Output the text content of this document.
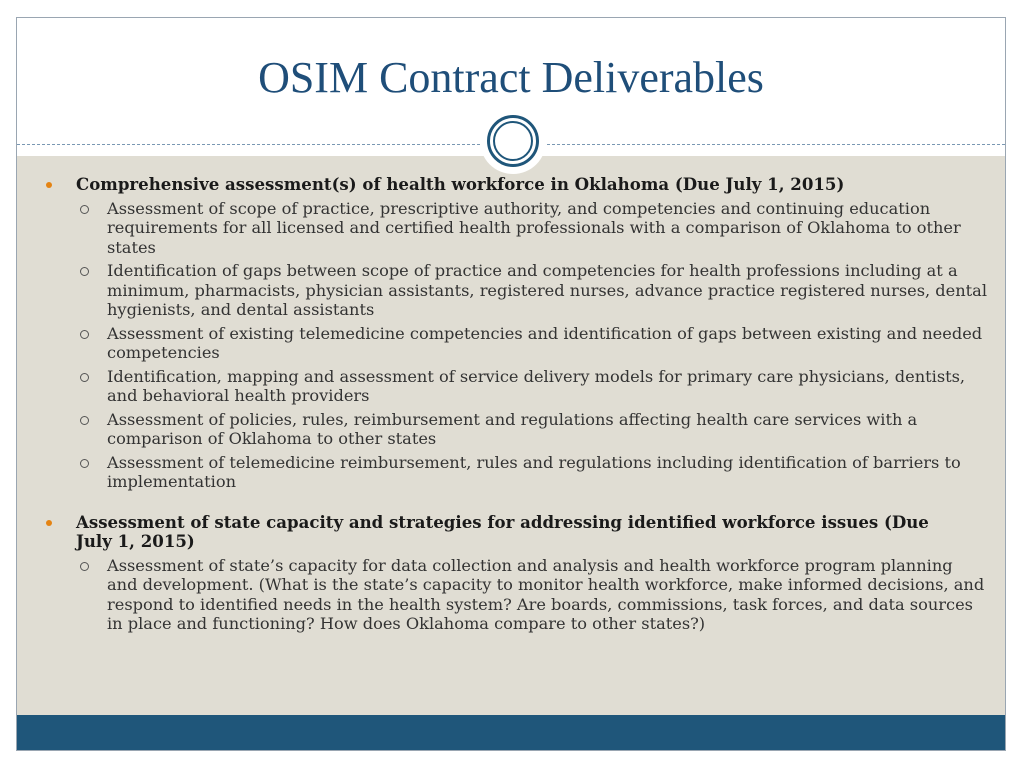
OSIM Contract Deliverables
Comprehensive assessment(s) of health workforce in Oklahoma (Due July 1, 2015)
Assessment of scope of practice, prescriptive authority, and competencies and continuing education requirements for all licensed and certified health professionals with a comparison of Oklahoma to other states
Identification of gaps between scope of practice and competencies for health professions including at a minimum, pharmacists, physician assistants, registered nurses, advance practice registered nurses, dental hygienists, and dental assistants
Assessment of existing telemedicine competencies and identification of gaps between existing and needed competencies
Identification, mapping and assessment of service delivery models for primary care physicians, dentists, and behavioral health providers
Assessment of policies, rules, reimbursement and regulations affecting health care services with a comparison of Oklahoma to other states
Assessment of telemedicine reimbursement, rules and regulations including identification of barriers to implementation
Assessment of state capacity and strategies for addressing identified workforce issues (Due July 1, 2015)
Assessment of state’s capacity for data collection and analysis and health workforce program planning and development. (What is the state’s capacity to monitor health workforce, make informed decisions, and respond to identified needs in the health system? Are boards, commissions, task forces, and data sources in place and functioning? How does Oklahoma compare to other states?)
